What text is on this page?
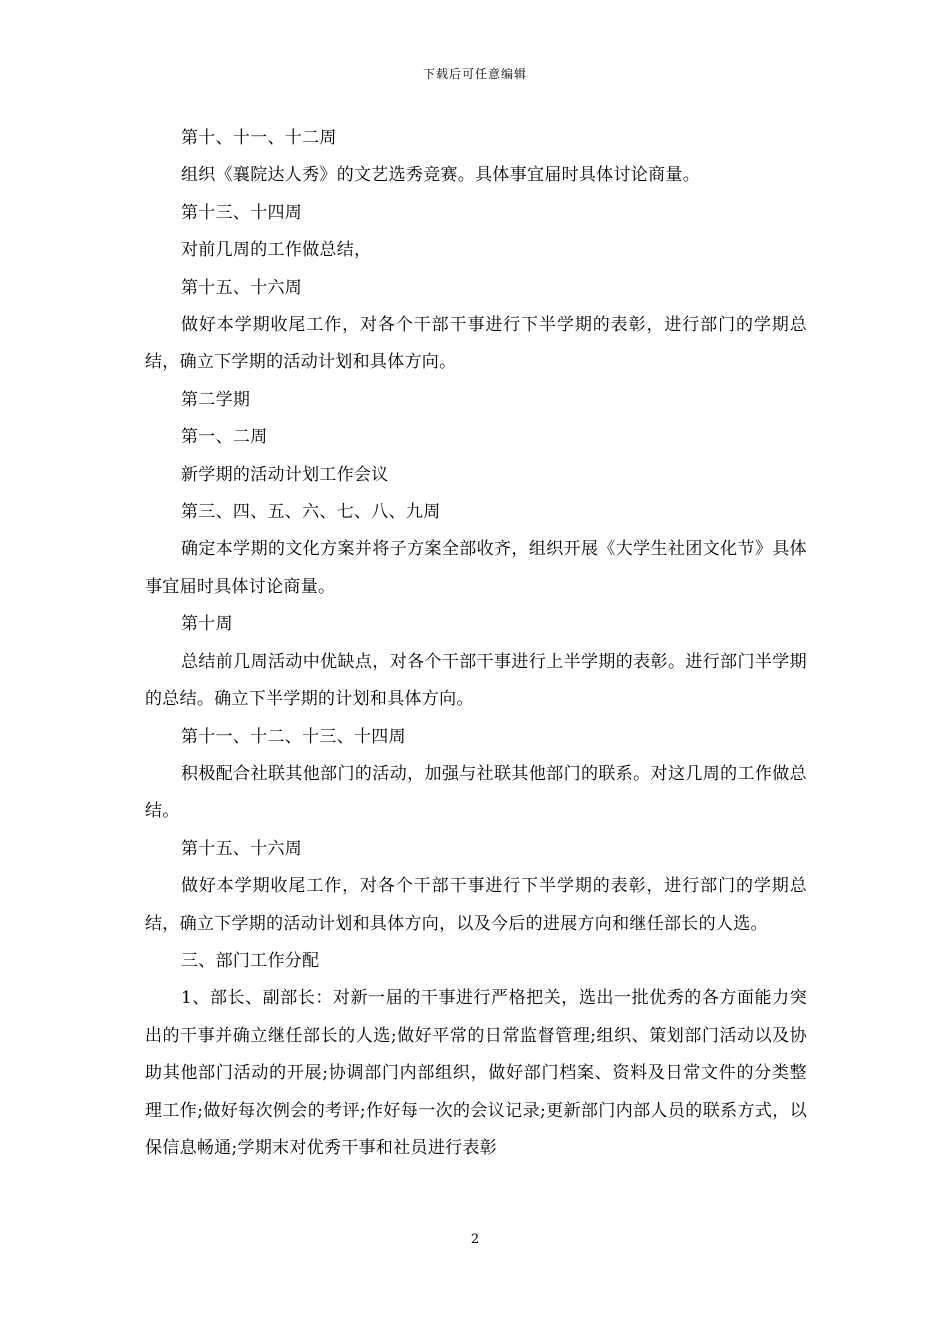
下载后可任意编辑

第十、十一、十二周

组织《襄院达人秀》的文艺选秀竞赛。具体事宜届时具体讨论商量。

第十三、十四周

对前几周的工作做总结，

第十五、十六周

做好本学期收尾工作，对各个干部干事进行下半学期的表彰，进行部门的学期总结，确立下学期的活动计划和具体方向。

第二学期

第一、二周

新学期的活动计划工作会议

第三、四、五、六、七、八、九周

确定本学期的文化方案并将子方案全部收齐，组织开展《大学生社团文化节》具体事宜届时具体讨论商量。

第十周

总结前几周活动中优缺点，对各个干部干事进行上半学期的表彰。进行部门半学期的总结。确立下半学期的计划和具体方向。

第十一、十二、十三、十四周

积极配合社联其他部门的活动，加强与社联其他部门的联系。对这几周的工作做总结。

第十五、十六周

做好本学期收尾工作，对各个干部干事进行下半学期的表彰，进行部门的学期总结，确立下学期的活动计划和具体方向，以及今后的进展方向和继任部长的人选。

三、部门工作分配

1、部长、副部长：对新一届的干事进行严格把关，选出一批优秀的各方面能力突出的干事并确立继任部长的人选;做好平常的日常监督管理;组织、策划部门活动以及协助其他部门活动的开展;协调部门内部组织，做好部门档案、资料及日常文件的分类整理工作;做好每次例会的考评;作好每一次的会议记录;更新部门内部人员的联系方式，以保信息畅通;学期末对优秀干事和社员进行表彰

2
